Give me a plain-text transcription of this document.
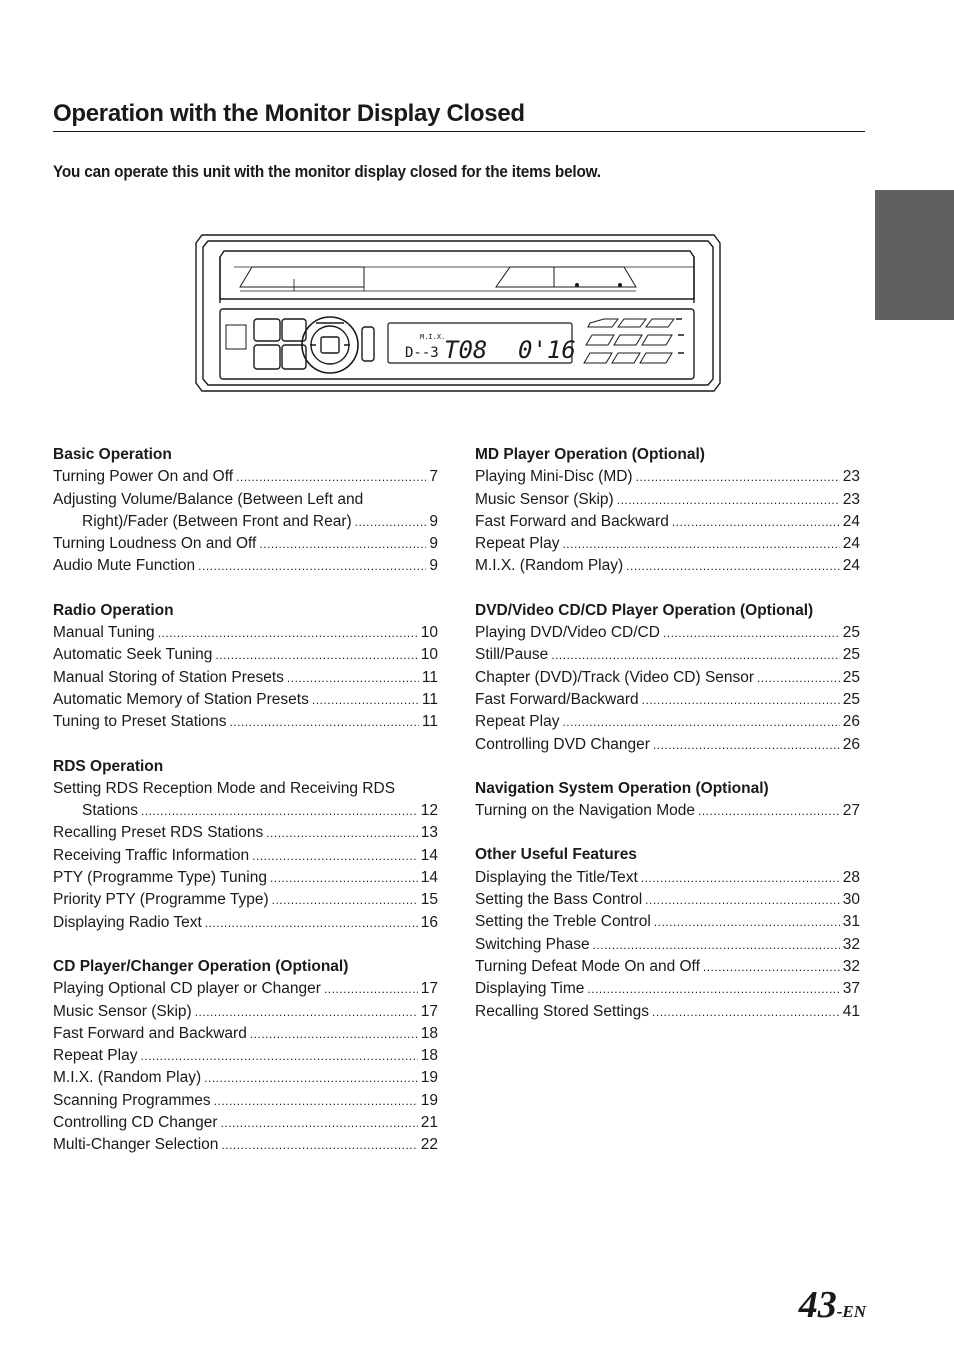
Operation with the Monitor Display Closed
You can operate this unit with the monitor display closed for the items below.
M.I.X.
D--3 T08 0'16
Basic Operation
Turning Power On and Off .....	7
Adjusting Volume/Balance (Between Left and
Right)/Fader (Between Front and Rear) .....	9
Turning Loudness On and Off .....	9
Audio Mute Function .....	9
Radio Operation
Manual Tuning .....	10
Automatic Seek Tuning .....	10
Manual Storing of Station Presets .....	11
Automatic Memory of Station Presets .....	11
Tuning to Preset Stations .....	11
RDS Operation
Setting RDS Reception Mode and Receiving RDS
Stations .....	12
Recalling Preset RDS Stations .....	13
Receiving Traffic Information .....	14
PTY (Programme Type) Tuning .....	14
Priority PTY (Programme Type) .....	15
Displaying Radio Text .....	16
CD Player/Changer Operation (Optional)
Playing Optional CD player or Changer .....	17
Music Sensor (Skip) .....	17
Fast Forward and Backward .....	18
Repeat Play .....	18
M.I.X. (Random Play) .....	19
Scanning Programmes .....	19
Controlling CD Changer .....	21
Multi-Changer Selection .....	22
MD Player Operation (Optional)
Playing Mini-Disc (MD) .....	23
Music Sensor (Skip) .....	23
Fast Forward and Backward .....	24
Repeat Play .....	24
M.I.X. (Random Play) .....	24
DVD/Video CD/CD Player Operation (Optional)
Playing DVD/Video CD/CD .....	25
Still/Pause .....	25
Chapter (DVD)/Track (Video CD) Sensor .....	25
Fast Forward/Backward .....	25
Repeat Play .....	26
Controlling DVD Changer .....	26
Navigation System Operation (Optional)
Turning on the Navigation Mode .....	27
Other Useful Features
Displaying the Title/Text .....	28
Setting the Bass Control .....	30
Setting the Treble Control .....	31
Switching Phase .....	32
Turning Defeat Mode On and Off .....	32
Displaying Time .....	37
Recalling Stored Settings .....	41
43-EN
